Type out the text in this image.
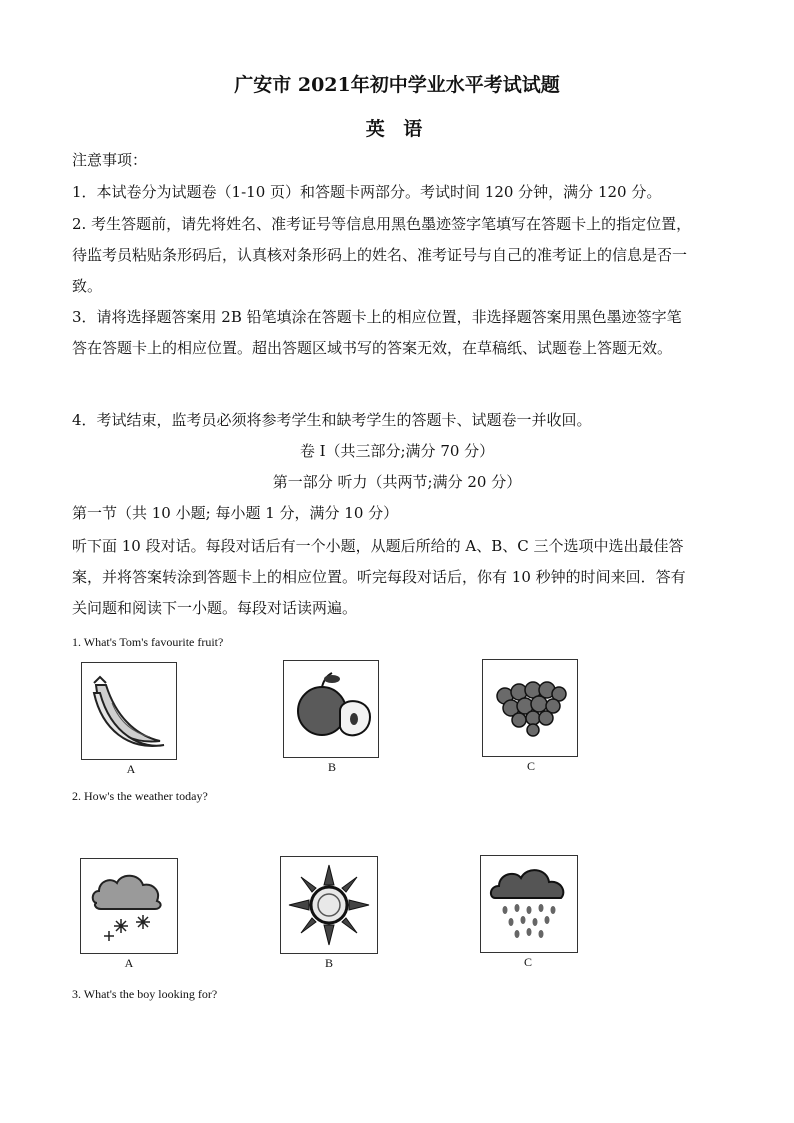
广安市 2021年初中学业水平考试试题
英 语
注意事项：
1．本试卷分为试题卷（1-10 页）和答题卡两部分。考试时间 120 分钟，满分 120 分。
2. 考生答题前，请先将姓名、准考证号等信息用黑色墨迹签字笔填写在答题卡上的指定位置，
待监考员粘贴条形码后，认真核对条形码上的姓名、准考证号与自己的准考证上的信息是否一
致。
3．请将选择题答案用 2B 铅笔填涂在答题卡上的相应位置，非选择题答案用黑色墨迹签字笔
答在答题卡上的相应位置。超出答题区域书写的答案无效，在草稿纸、试题卷上答题无效。
4．考试结束，监考员必须将参考学生和缺考学生的答题卡、试题卷一并收回。
卷 I（共三部分;满分 70 分）
第一部分 听力（共两节;满分 20 分）
第一节（共 10 小题; 每小题 1 分，满分 10 分）
听下面 10 段对话。每段对话后有一个小题，从题后所给的 A、B、C 三个选项中选出最佳答
案，并将答案转涂到答题卡上的相应位置。听完每段对话后，你有 10 秒钟的时间来回．答有
关问题和阅读下一小题。每段对话读两遍。
1. What's Tom's favourite fruit?
A	B	C
2. How's the weather today?
A	B	C
3. What's the boy looking for?
